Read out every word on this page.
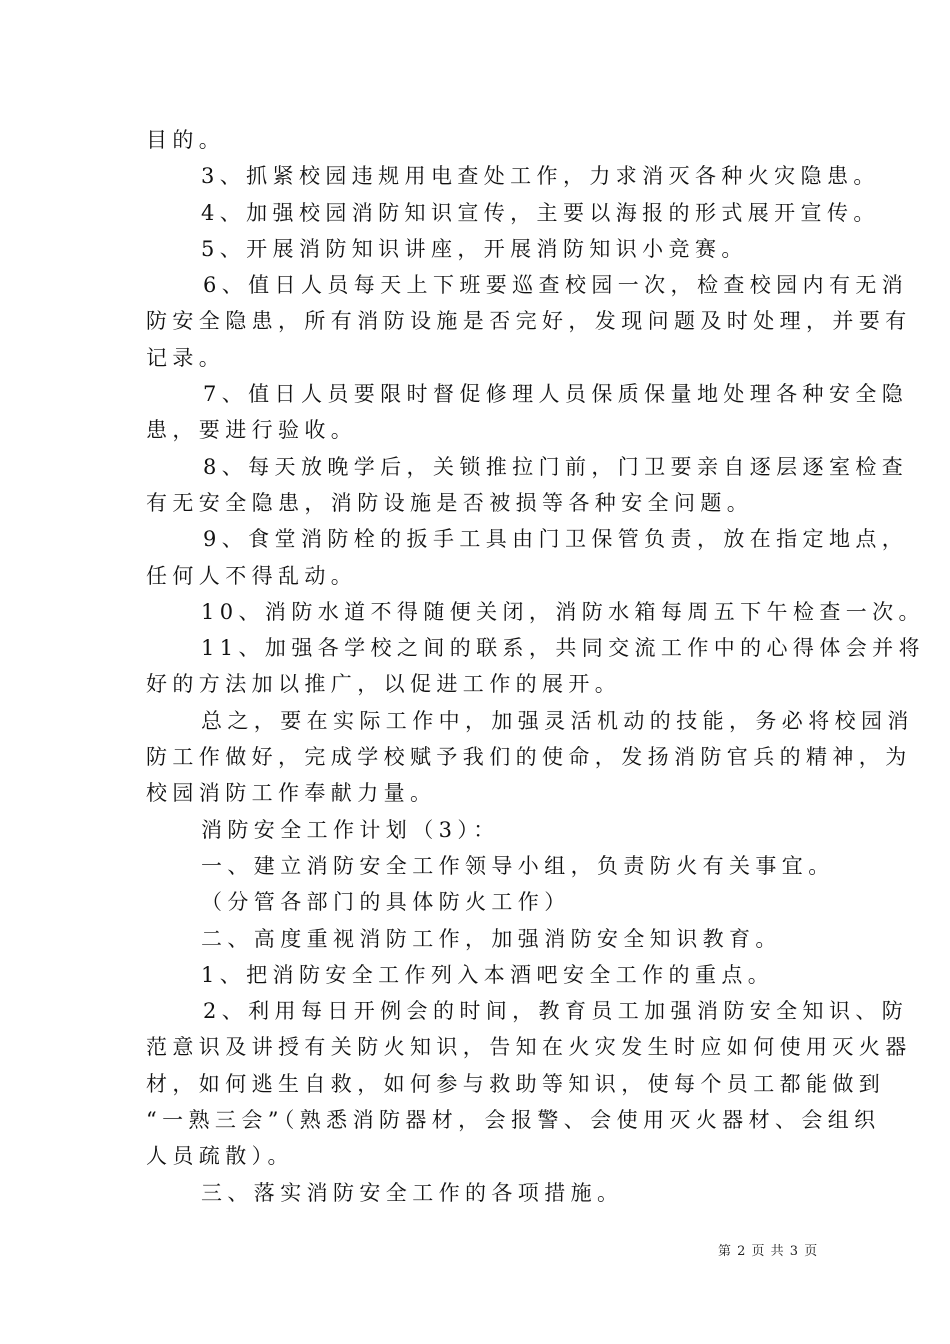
目的。
3、抓紧校园违规用电查处工作，力求消灭各种火灾隐患。
4、加强校园消防知识宣传，主要以海报的形式展开宣传。
5、开展消防知识讲座，开展消防知识小竞赛。
6、值日人员每天上下班要巡查校园一次，检查校园内有无消
防安全隐患，所有消防设施是否完好，发现问题及时处理，并要有
记录。
7、值日人员要限时督促修理人员保质保量地处理各种安全隐
患，要进行验收。
8、每天放晚学后，关锁推拉门前，门卫要亲自逐层逐室检查
有无安全隐患，消防设施是否被损等各种安全问题。
9、食堂消防栓的扳手工具由门卫保管负责，放在指定地点，
任何人不得乱动。
10、消防水道不得随便关闭，消防水箱每周五下午检查一次。
11、加强各学校之间的联系，共同交流工作中的心得体会并将
好的方法加以推广，以促进工作的展开。
总之，要在实际工作中，加强灵活机动的技能，务必将校园消
防工作做好，完成学校赋予我们的使命，发扬消防官兵的精神，为
校园消防工作奉献力量。
消防安全工作计划（3）：
一、建立消防安全工作领导小组，负责防火有关事宜。
（分管各部门的具体防火工作）
二、高度重视消防工作，加强消防安全知识教育。
1、把消防安全工作列入本酒吧安全工作的重点。
2、利用每日开例会的时间，教育员工加强消防安全知识、防
范意识及讲授有关防火知识，告知在火灾发生时应如何使用灭火器
材，如何逃生自救，如何参与救助等知识，使每个员工都能做到
“一熟三会”（熟悉消防器材，会报警、会使用灭火器材、会组织
人员疏散）。
三、落实消防安全工作的各项措施。
第 2 页 共 3 页
